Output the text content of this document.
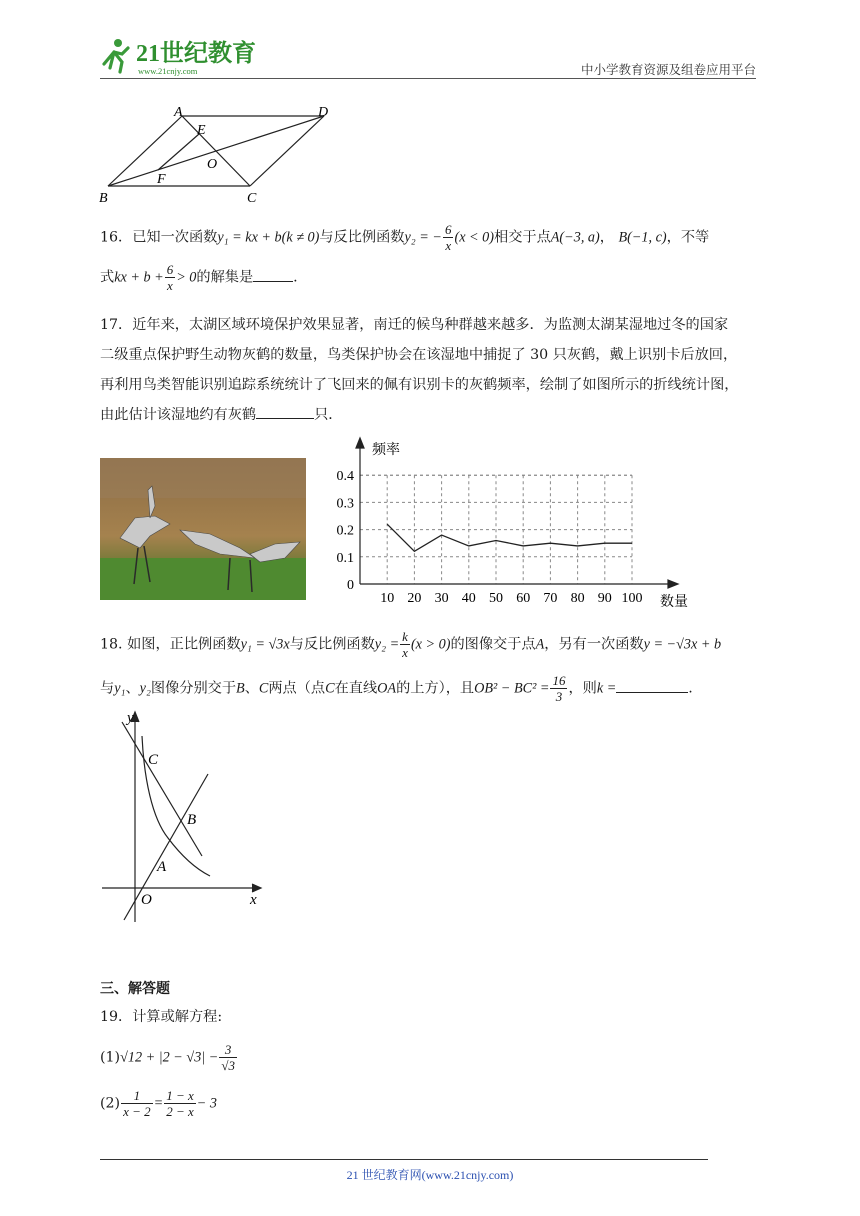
21世纪教育
www.21cnjy.com	中小学教育资源及组卷应用平台
A	D
E
O
F
B	C
16．已知一次函数y₁ = kx + b(k ≠ 0)与反比例函数y₂ = − $\frac{6}{x} (x < 0)$相交于点A(−3, a)， B(−1, c)，不等
式kx + $b + \frac{6}{x} > 0$的解集是	.
17．近年来，太湖区域环境保护效果显著，南迁的候鸟种群越来越多．为监测太湖某湿地过冬的国家
二级重点保护野生动物灰鹤的数量，鸟类保护协会在该湿地中捕捉了 30 只灰鹤，戴上识别卡后放回，
再利用鸟类智能识别追踪系统统计了飞回来的佩有识别卡的灰鹤频率，绘制了如图所示的折线统计图，
由此估计该湿地约有灰鹤	只．
频率
数量
0
0.1
0.2
0.3
0.4
10 20 30 40 50 60 70 80 90 100
18. 如图，正比例函数y₁ = √3x与反比例函数$y_2 = \frac{k}{x} (x > 0)$的图像交于点A，另有一次函数y = −√3x + b
与y₁、y₂图像分别交于B、C两点（点C在直线OA的上方），且$OB^2 - BC^2 = \frac{16}{3}$ ，则k =	.
y
C
B
A
O	x
三、解答题
19．计算或解方程:
$(1)√12 + |2 - √3| - \frac{3}{√3}$
$(2) \frac{1}{x - 2} = \frac{1 - x}{2 - x} - 3$
21 世纪教育网(www.21cnjy.com)
